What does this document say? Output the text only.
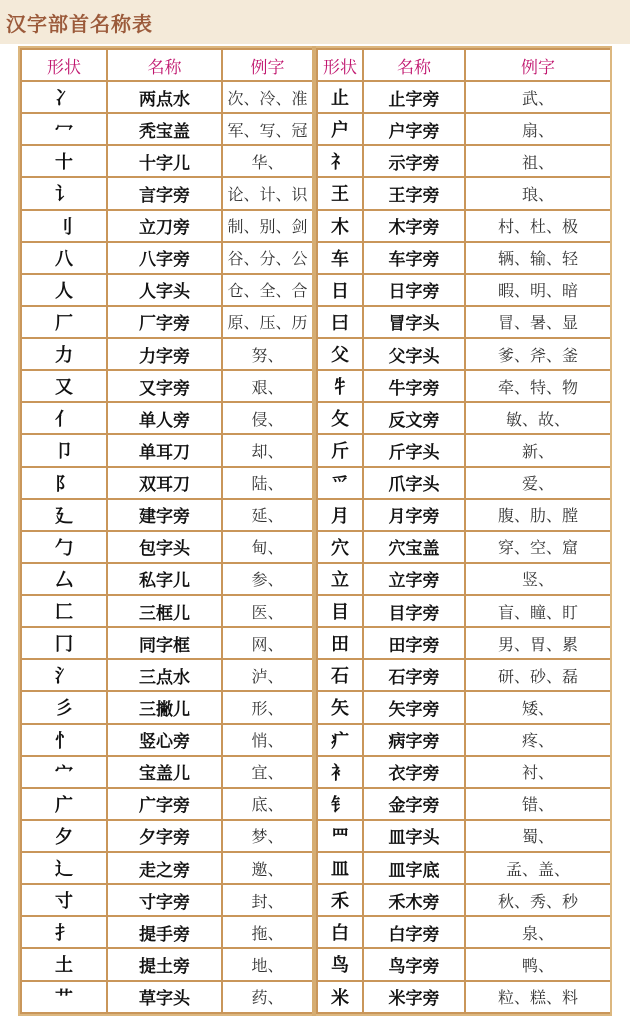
汉字部首名称表
形状	名称	例字
冫	两点水	次、冷、准
冖	秃宝盖	军、写、冠
十	十字儿	华、
讠	言字旁	论、计、识
刂	立刀旁	制、别、剑
八	八字旁	谷、分、公
人	人字头	仓、全、合
厂	厂字旁	原、压、历
力	力字旁	努、
又	又字旁	艰、
亻	单人旁	侵、
卩	单耳刀	却、
阝	双耳刀	陆、
廴	建字旁	延、
勹	包字头	甸、
厶	私字儿	参、
匚	三框儿	医、
冂	同字框	网、
氵	三点水	泸、
彡	三撇儿	形、
忄	竖心旁	悄、
宀	宝盖儿	宜、
广	广字旁	底、
夕	夕字旁	梦、
辶	走之旁	邀、
寸	寸字旁	封、
扌	提手旁	拖、
土	提土旁	地、
艹	草字头	药、
形状	名称	例字
止	止字旁	武、
户	户字旁	扇、
礻	示字旁	祖、
王	王字旁	琅、
木	木字旁	村、杜、极
车	车字旁	辆、输、轻
日	日字旁	暇、明、暗
曰	冒字头	冒、暑、显
父	父字头	爹、斧、釜
牜	牛字旁	牵、特、物
攵	反文旁	敏、故、
斤	斤字头	新、
爫	爪字头	爱、
月	月字旁	腹、肋、膛
穴	穴宝盖	穿、空、窟
立	立字旁	竖、
目	目字旁	盲、瞳、盯
田	田字旁	男、胃、累
石	石字旁	研、砂、磊
矢	矢字旁	矮、
疒	病字旁	疼、
衤	衣字旁	衬、
钅	金字旁	错、
罒	皿字头	蜀、
皿	皿字底	孟、盖、
禾	禾木旁	秋、秀、秒
白	白字旁	泉、
鸟	鸟字旁	鸭、
米	米字旁	粒、糕、料
